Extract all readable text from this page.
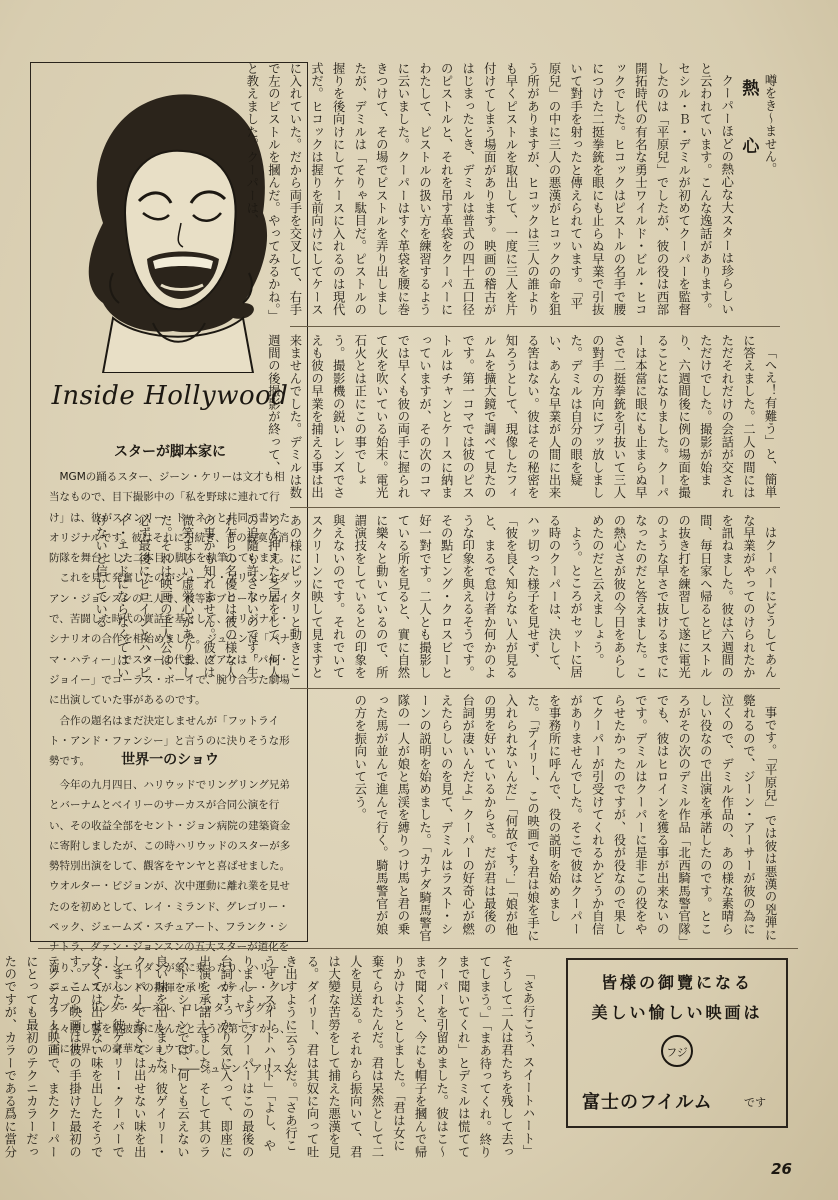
Inside Hollywood
スターが脚本家に
MGMの踊るスター、ジーン・ケリーは文才も相当なもので、目下撮影中の「私を野球に連れて行け」は、彼がスタンリー・ドーネンと共同で書いたオリジナルです。彼はそれに引続き、昔の寂寞の消防隊を舞台とした二本目の脚本を執筆しています。
これを見て発奮したのがジューン・アリスンとダアン・ジョンスンの二人で、彼等がブロードウエイで、苦闘した時代の實話を基として、オリジナル・シナリオの合作を相始めました。ジューンは「パナマ・ハティー」でスターの代役、ダアンは「パル・ジョイー」でコーラス・ボーイで、腕り合った劇場に出演していた事があるのです。
合作の題名はまだ決定しませんが「フットライト・アンド・ファンシー」と言うのに決りそうな形勢です。	世界一のショウ
今年の九月四日、ハリウッドでリングリング兄弟とバーナムとベイリーのサーカスが合同公演を行い、その收益全部をセント・ジョン病院の建築資金に寄附しましたが、この時ハリウッドのスターが多勢特別出演をして、觀客をヤンヤと喜ばせました。ウオルター・ピジョンが、次中運動に離れ業を見せたのを初めとして、レイ・ミランド、グレゴリー・ペック、ジェームズ・スチュアート、フランク・シ 演り、アン・シエリダンが象に乗ったり、ハリー・ジェームスがバンドの指揮を承り、ベティー・グレイブル、リンダ・ダーネル、ロレッタ・ヤングが各々腰し馨を協披露に及んだと云う次第ですから、正に世界一の豪華なショウです。
カツト――ジューン・アリスン

噂をき〜ません。

熱　心

クーパーほどの熱心な大スターは珍らしいと云われています。こんな逸話があります。セシル・Ｂ・デミルが初めてクーパーを監督したのは「平原兒」でしたが、彼の役は西部開拓時代の有名な勇士ワイルド・ビル・ヒコックでした。ヒコックはピストルの名手で腰につけた二挺拳銃を眼にも止らぬ早業で引抜いて對手を射ったと傳えられています。「平原兒」の中に三人の悪漢がヒコックの命を狙う所がありますが、ヒコックは三人の誰よりも早くピストルを取出して、一度に三人を片付けてしまう場面があります。映画の稽古がはじまったとき、デミルは普式の四十五口径のピストルと、それを吊す革袋をクーパーにわたして、ピストルの扱い方を練習するように云いました。クーパーはすぐ革袋を腰に巻きつけて、その場でピストルを弄り出しましたが、デミルは「そりゃ駄目だ。ピストルの握りを後向けにしてケースに入れるのは現代式だ。ヒコックは握りを前向けにしてケースに入れていた。だから両手を交叉して、右手で左のピストルを摑んだ。やってみるかね。」と教えました。クーパーは、

「へえ！有難う」と、簡単に答えました。二人の間にはただそれだけの会話が交されただけでした。撮影が始まり、六週間後に例の場面を撮ることになりました。クーパーは本當に眼にも止まらぬ早さで二挺拳銃を引抜いて三人の對手の方向にブッ放しました。デミルは自分の眼を疑い、あんな早業が人間に出来る筈はない。彼はその秘密を知ろうとして、現像したフィルムを擴大鏡で調べて見たのです。第一コマでは彼のピストルはチャンとケースに納まっていますが、その次のコマでは早くも彼の両手に握られて火を吹いている始末。電光石火とは正にこの事でしょう。撮影機の鋭いレンズでさえも彼の早業を捕える事は出来ませんでした。デミルは数週間の後撮影が終って、

はクーパーにどうしてあんな早業がやってのけられたかを訊ねました。彼は六週間の間、毎日家へ帰るとピストルの抜き打を練習して遂に電光のような早さで抜けるまでになったのだと答えました。この熱心さが彼の今日をあらしめたのだと云えましょう。

よう。ところがセットに居る時のクーパーは、決して、ハッ切った様子を見せず、「彼を良く知らない人が見ると、まるで怠け者か何かのような印象を與えるそうです。その點ビング・クロスビーと好一對です。二人とも撮影している所を見ると、實に自然に樂々と動いているので、所謂演技をしているとの印象を與えないのです。それでいてスクリーンに映して見ますとあの様にピッタリと動きところを押えた芝居をして、何人の追隨も許さないのです。生れ乍らの名優とは彼の様な人の事かも知れません。彼には微笑ましい虚栄心がありました。それは映画の主人公は、必ず最後にヒロインとハッピイ・エンドにならなくてはいけないと信じている

事です。「平原兒」では彼は悪漢の兇弾に斃れるので、ジーン・アーサーが彼の為に泣くので、デミル作品の、あの様な素晴らしい役なので出演を承諾したのです。ところがその次のデミル作品「北西騎馬警官隊」でも、彼はヒロインを獲る事が出来ないのです。デミルはクーパーに是非この役をやらせたかったのですが、役が役なので果してクーパーが引受けてくれるかどうか自信がありませんでした。そこで彼はクーパーを事務所に呼んで、役の説明を始めました。「デイリー、この映画でも君は娘を手に入れられないんだ」「何故です？」「娘が他の男を好いているからさ。だが君は最後の台詞が凄いんだよ」クーパーの好奇心が燃えたらしいのを見て、デミルはラスト・シーンの説明を始めました。「カナダ騎馬警官隊の一人が娘と馬渓を縛りつけ馬と君の乗った馬が並んで進んで行く。騎馬警官が娘の方を振向いて云う。

「さあ行こう、スイートハート」そうして二人は君たちを残して去ってしまう。」「まあ待ってくれ。終りまで聞いてくれ」とデミルは慌ててクーパーを引留めました。彼はこ〜まで聞くと、今にも帽子を摑んで帰りかけようとしました。「君は女に棄てられたんだ。君は呆然として二人を見送る。それから振向いて、君は大變な苦勞をして捕えた悪漢を見る。ダイリー、君は其奴に向って吐き出すように云うんだ。「さあ行こうぜ、スイートハート」「よし、やりましょう」クーパーはこの最後の台詞がすっかり気に入って、即座に出演を承諾しました。そして其のラスト・シーンでは、何とも云えない良い味を出しました。彼ゲイリー・クーパーでなくては出せない味を出しました。彼ゲイリー・クーパーでなくては出せない味を出したそうです。この映画は彼の手掛けた最初のテクニカラー映画で、またクーパーにとっても最初のテクニカラーだったのですが、カラーである爲に當分

皆様の御覽になる
美しい愉しい映画は
フジ
富士のフイルム	です
26
